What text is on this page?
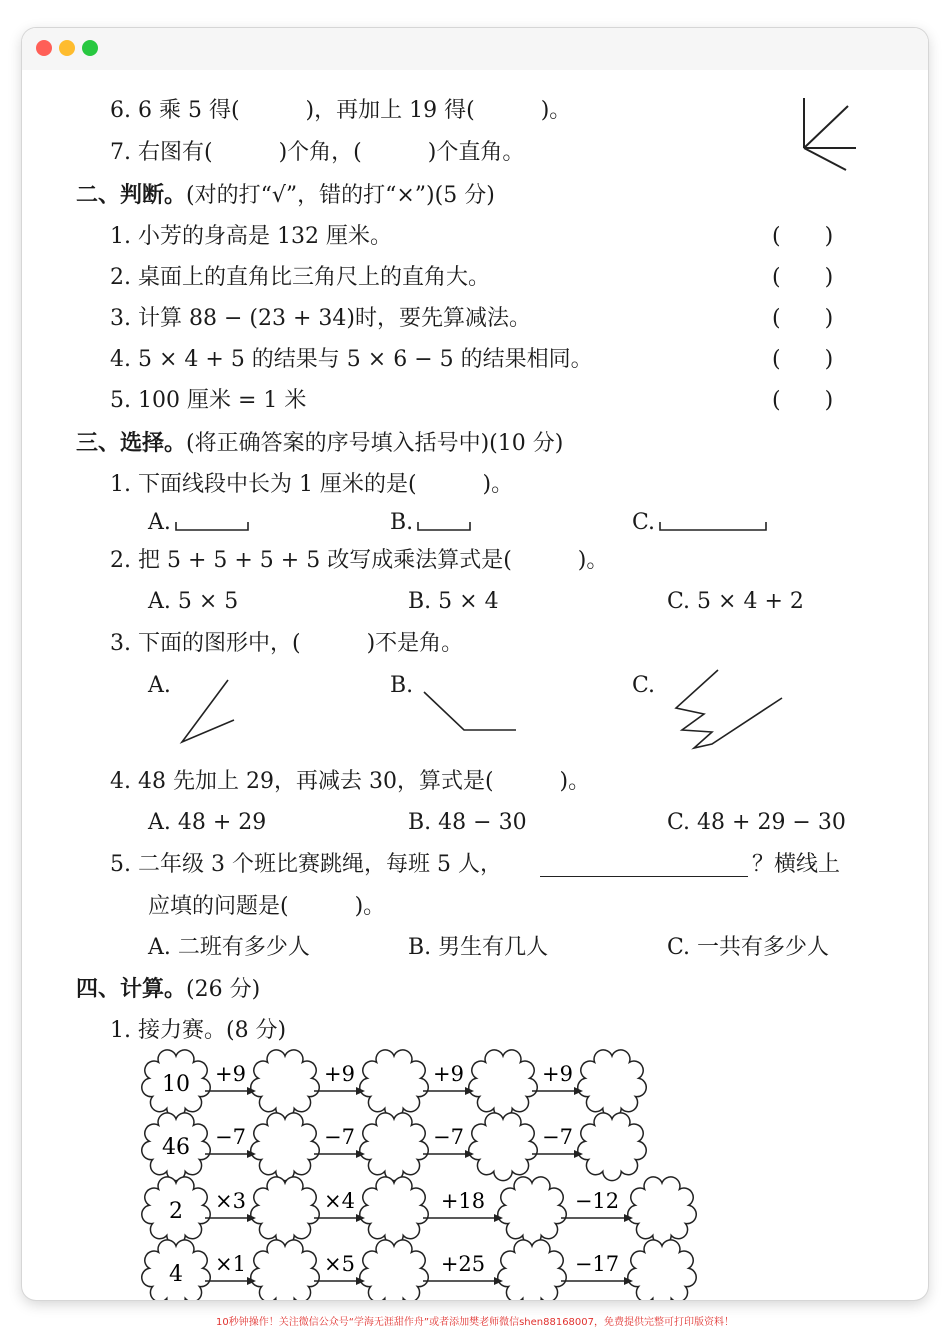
6. 6 乘 5 得(　　　)，再加上 19 得(　　　)。
7. 右图有(　　　)个角，(　　　)个直角。
二、判断。(对的打“√”，错的打“×”)(5 分)
1. 小芳的身高是 132 厘米。	(　　)
2. 桌面上的直角比三角尺上的直角大。	(　　)
3. 计算 88 − (23 + 34)时，要先算减法。	(　　)
4. 5 × 4 + 5 的结果与 5 × 6 − 5 的结果相同。	(　　)
5. 100 厘米 = 1 米	(　　)
三、选择。(将正确答案的序号填入括号中)(10 分)
1. 下面线段中长为 1 厘米的是(　　　)。
A.	B.	C.
2. 把 5 + 5 + 5 + 5 改写成乘法算式是(　　　)。
A. 5 × 5	B. 5 × 4	C. 5 × 4 + 2
3. 下面的图形中，(　　　)不是角。
A.	B.	C.
4. 48 先加上 29，再减去 30，算式是(　　　)。
A. 48 + 29	B. 48 − 30	C. 48 + 29 − 30
5. 二年级 3 个班比赛跳绳，每班 5 人，	？横线上
应填的问题是(　　　)。
A. 二班有多少人	B. 男生有几人	C. 一共有多少人
四、计算。(26 分)
1. 接力赛。(8 分)
10 +9	+9	+9	+9
46 −7	−7	−7	−7
2 ×3	×4	+18	−12
4 ×1	×5	+25	−17
10秒钟操作！关注微信公众号“学海无涯甜作舟”或者添加樊老师微信shen88168007，免费提供完整可打印版资料！
